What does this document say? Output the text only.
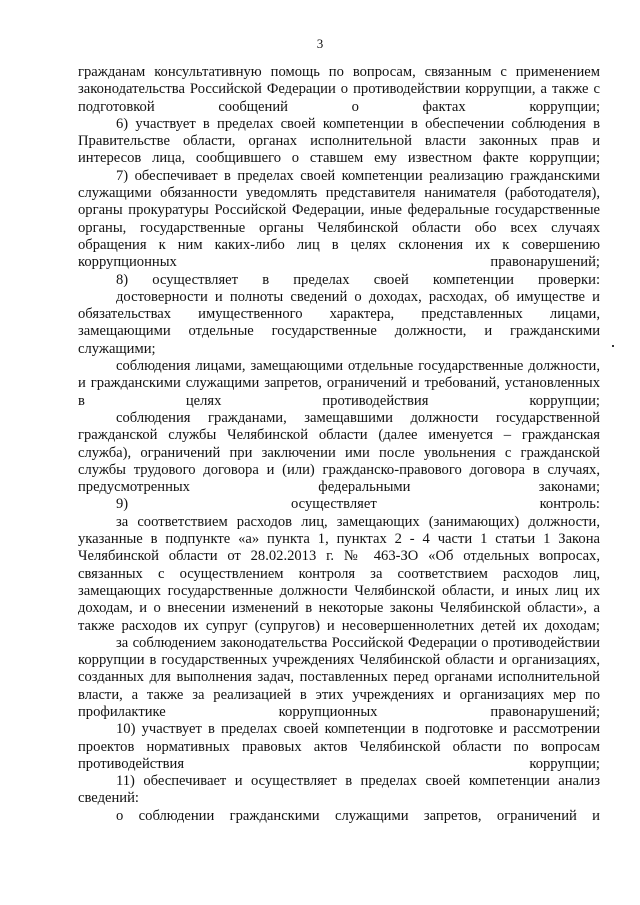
3

гражданам консультативную помощь по вопросам, связанным с применением законодательства Российской Федерации о противодействии коррупции, а также с подготовкой сообщений о фактах коррупции;

6) участвует в пределах своей компетенции в обеспечении соблюдения в Правительстве области, органах исполнительной власти законных прав и интересов лица, сообщившего о ставшем ему известном факте коррупции;

7) обеспечивает в пределах своей компетенции реализацию гражданскими служащими обязанности уведомлять представителя нанимателя (работодателя), органы прокуратуры Российской Федерации, иные федеральные государственные органы, государственные органы Челябинской области обо всех случаях обращения к ним каких-либо лиц в целях склонения их к совершению коррупционных правонарушений;

8) осуществляет в пределах своей компетенции проверки:

достоверности и полноты сведений о доходах, расходах, об имуществе и обязательствах имущественного характера, представленных лицами, замещающими отдельные государственные должности, и гражданскими служащими;

соблюдения лицами, замещающими отдельные государственные должности, и гражданскими служащими запретов, ограничений и требований, установленных в целях противодействия коррупции;

соблюдения гражданами, замещавшими должности государственной гражданской службы Челябинской области (далее именуется – гражданская служба), ограничений при заключении ими после увольнения с гражданской службы трудового договора и (или) гражданско-правового договора в случаях, предусмотренных федеральными законами;

9) осуществляет контроль:

за соответствием расходов лиц, замещающих (занимающих) должности, указанные в подпункте «а» пункта 1, пунктах 2 - 4 части 1 статьи 1 Закона Челябинской области от 28.02.2013 г. № 463-ЗО «Об отдельных вопросах, связанных с осуществлением контроля за соответствием расходов лиц, замещающих государственные должности Челябинской области, и иных лиц их доходам, и о внесении изменений в некоторые законы Челябинской области», а также расходов их супруг (супругов) и несовершеннолетних детей их доходам;

за соблюдением законодательства Российской Федерации о противодействии коррупции в государственных учреждениях Челябинской области и организациях, созданных для выполнения задач, поставленных перед органами исполнительной власти, а также за реализацией в этих учреждениях и организациях мер по профилактике коррупционных правонарушений;

10) участвует в пределах своей компетенции в подготовке и рассмотрении проектов нормативных правовых актов Челябинской области по вопросам противодействия коррупции;

11) обеспечивает и осуществляет в пределах своей компетенции анализ сведений:

о соблюдении гражданскими служащими запретов, ограничений и
